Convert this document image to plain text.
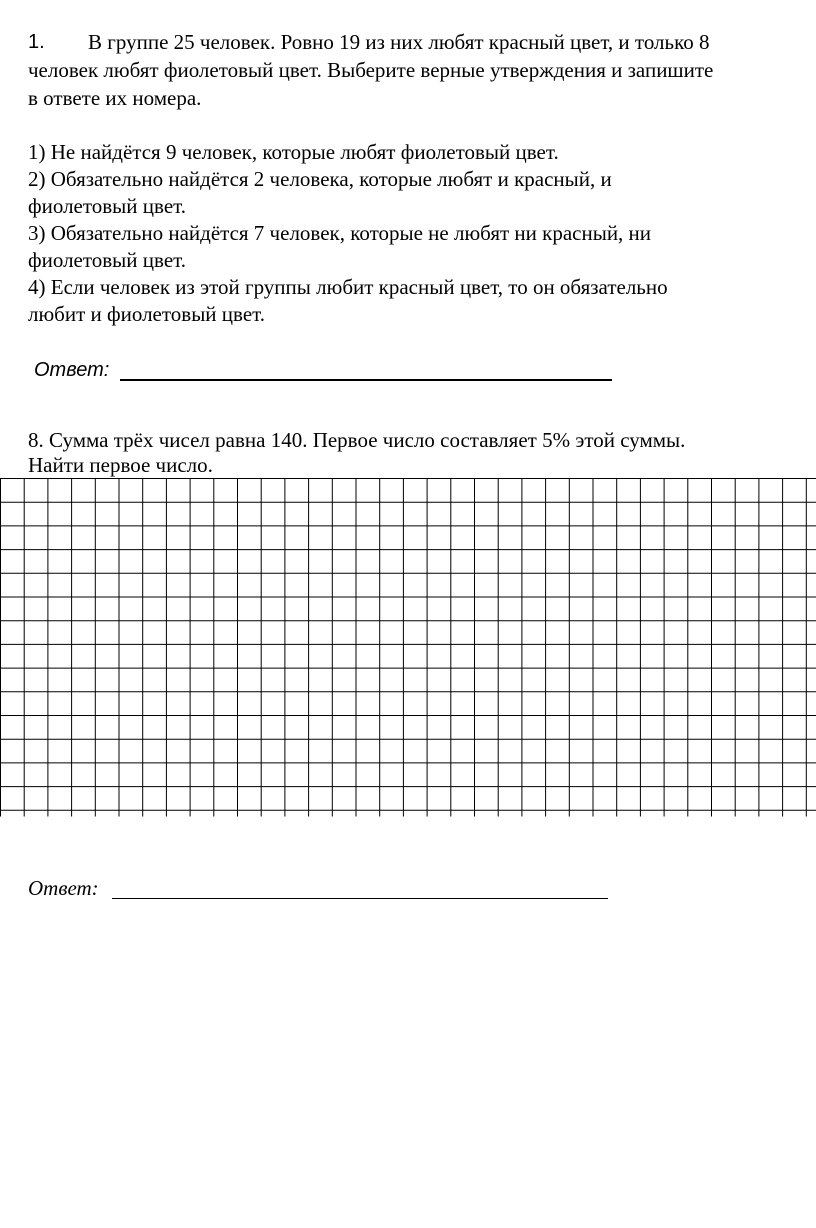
1. В группе 25 человек. Ровно 19 из них любят красный цвет, и только 8
человек любят фиолетовый цвет. Выберите верные утверждения и запишите
в ответе их номера.
1) Не найдётся 9 человек, которые любят фиолетовый цвет.
2) Обязательно найдётся 2 человека, которые любят и красный, и
фиолетовый цвет.
3) Обязательно найдётся 7 человек, которые не любят ни красный, ни
фиолетовый цвет.
4) Если человек из этой группы любит красный цвет, то он обязательно
любит и фиолетовый цвет.
Ответ:
8. Сумма трёх чисел равна 140. Первое число составляет 5% этой суммы.
Найти первое число.
Ответ:
